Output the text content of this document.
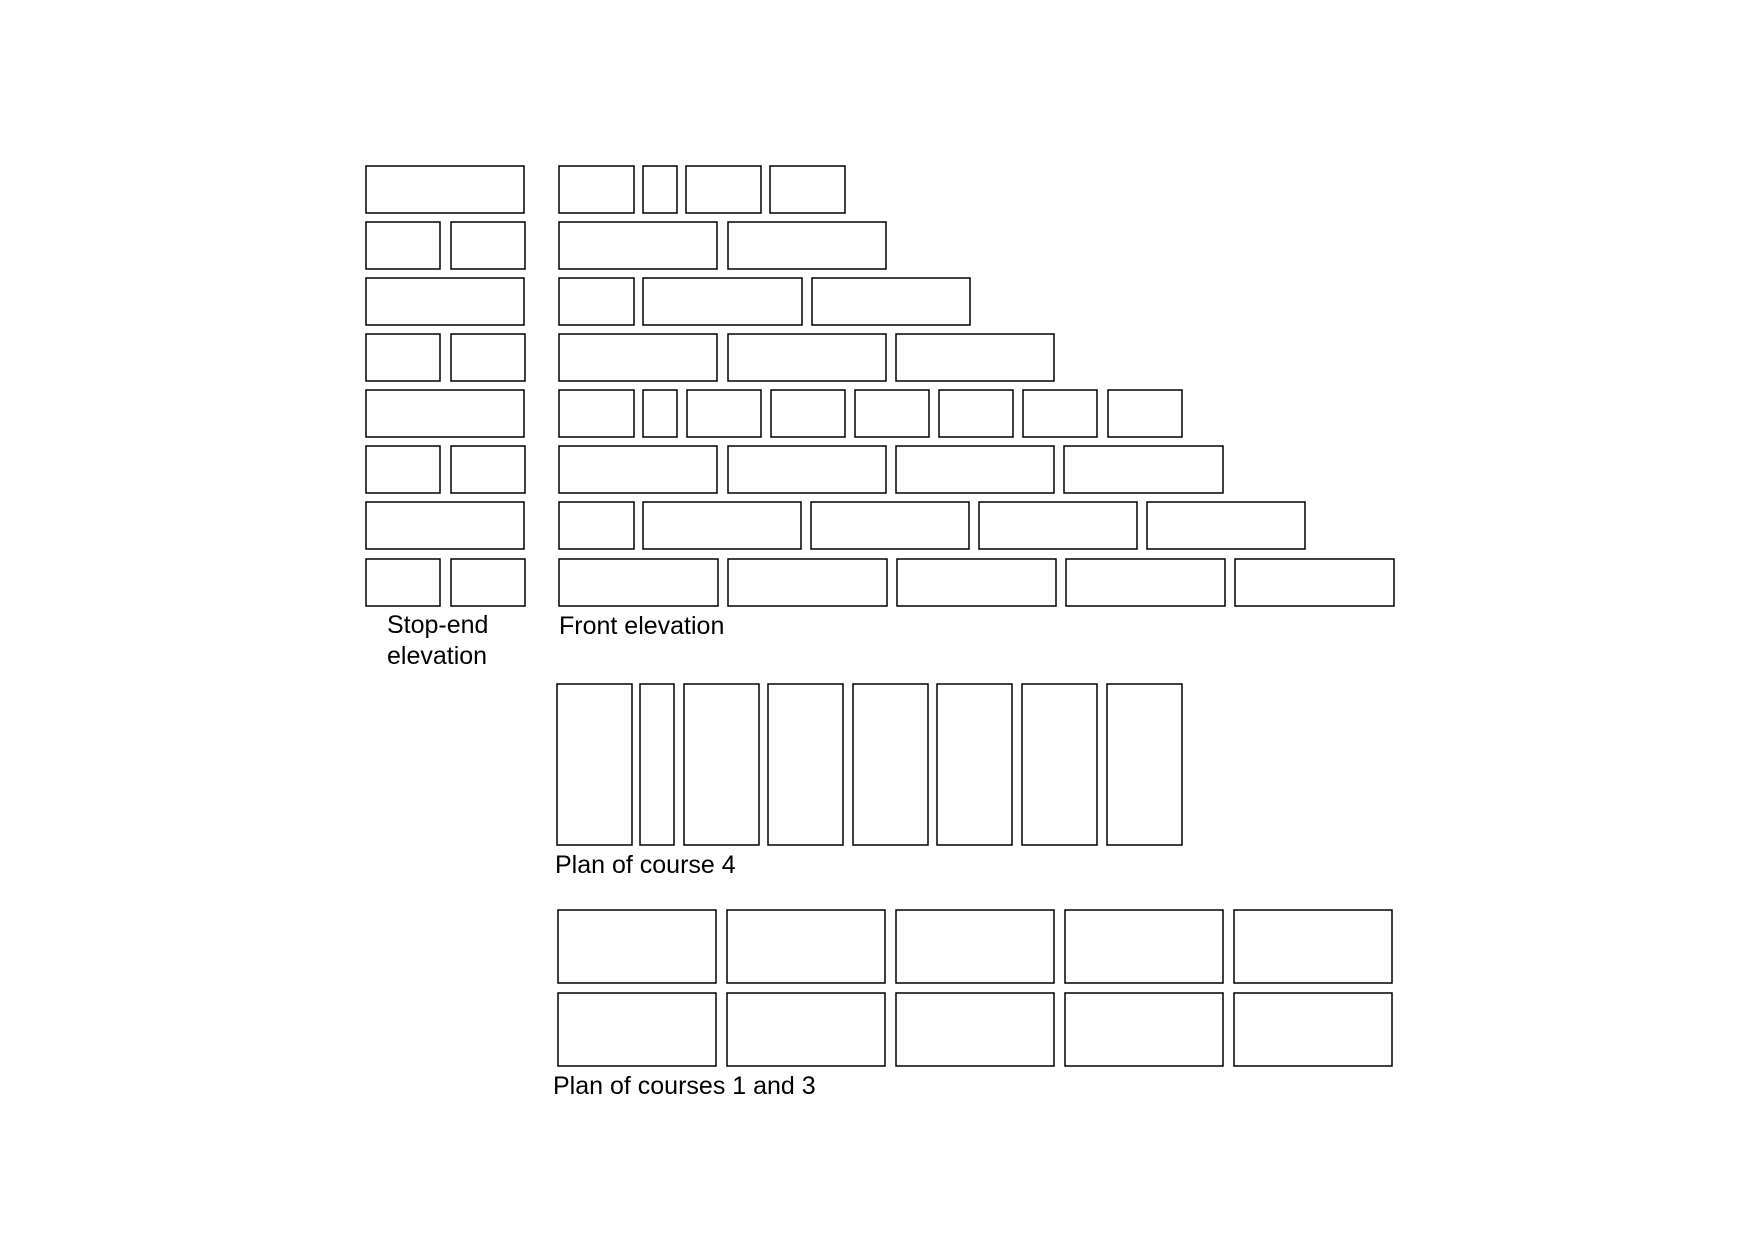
Stop-end
elevation
Front elevation
Plan of course 4
Plan of courses 1 and 3
